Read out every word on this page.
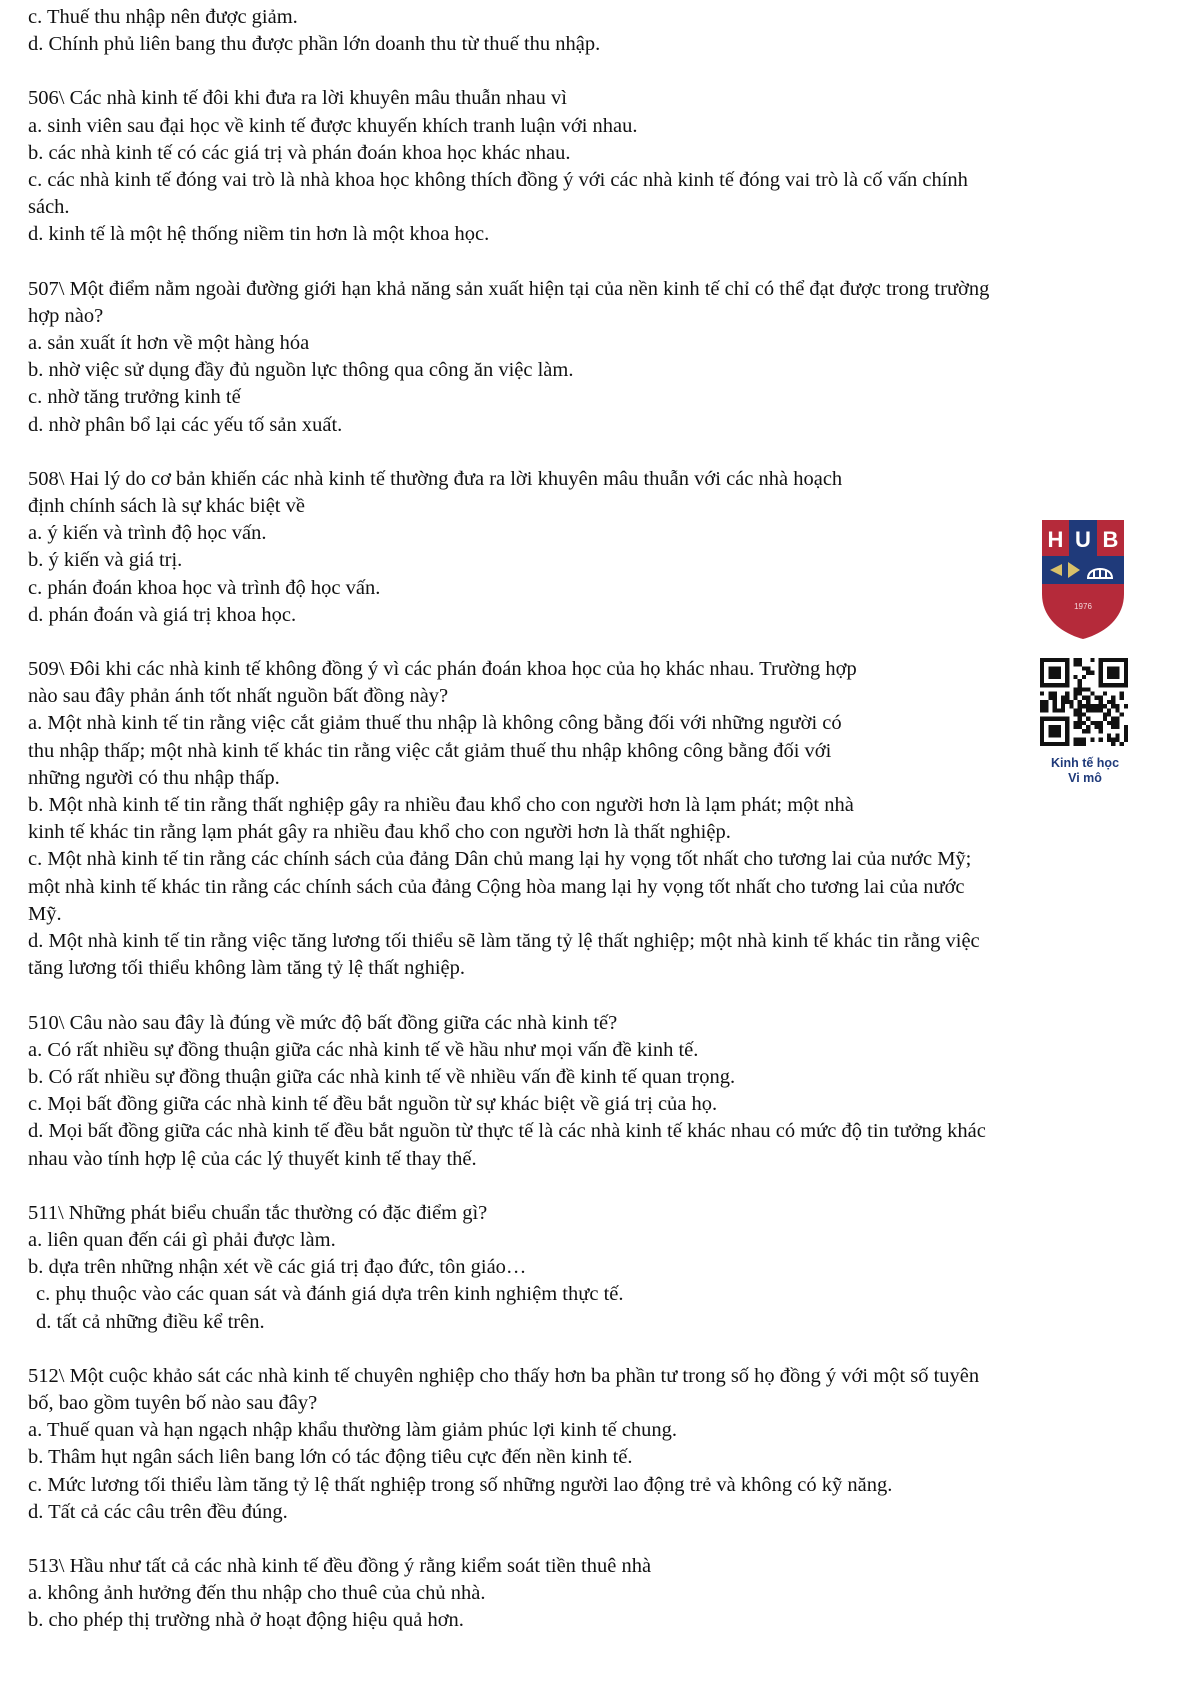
c. Thuế thu nhập nên được giảm.
d. Chính phủ liên bang thu được phần lớn doanh thu từ thuế thu nhập.
506\ Các nhà kinh tế đôi khi đưa ra lời khuyên mâu thuẫn nhau vì
a. sinh viên sau đại học về kinh tế được khuyến khích tranh luận với nhau.
b. các nhà kinh tế có các giá trị và phán đoán khoa học khác nhau.
c. các nhà kinh tế đóng vai trò là nhà khoa học không thích đồng ý với các nhà kinh tế đóng vai trò là cố vấn chính
sách.
d. kinh tế là một hệ thống niềm tin hơn là một khoa học.
507\ Một điểm nằm ngoài đường giới hạn khả năng sản xuất hiện tại của nền kinh tế chỉ có thể đạt được trong trường
hợp nào?
a. sản xuất ít hơn về một hàng hóa
b. nhờ việc sử dụng đầy đủ nguồn lực thông qua công ăn việc làm.
c. nhờ tăng trưởng kinh tế
d. nhờ phân bổ lại các yếu tố sản xuất.
508\ Hai lý do cơ bản khiến các nhà kinh tế thường đưa ra lời khuyên mâu thuẫn với các nhà hoạch
định chính sách là sự khác biệt về
a. ý kiến và trình độ học vấn.
b. ý kiến và giá trị.
c. phán đoán khoa học và trình độ học vấn.
d. phán đoán và giá trị khoa học.
509\ Đôi khi các nhà kinh tế không đồng ý vì các phán đoán khoa học của họ khác nhau. Trường hợp
nào sau đây phản ánh tốt nhất nguồn bất đồng này?
a. Một nhà kinh tế tin rằng việc cắt giảm thuế thu nhập là không công bằng đối với những người có
thu nhập thấp; một nhà kinh tế khác tin rằng việc cắt giảm thuế thu nhập không công bằng đối với
những người có thu nhập thấp.
b. Một nhà kinh tế tin rằng thất nghiệp gây ra nhiều đau khổ cho con người hơn là lạm phát; một nhà
kinh tế khác tin rằng lạm phát gây ra nhiều đau khổ cho con người hơn là thất nghiệp.
c. Một nhà kinh tế tin rằng các chính sách của đảng Dân chủ mang lại hy vọng tốt nhất cho tương lai của nước Mỹ;
một nhà kinh tế khác tin rằng các chính sách của đảng Cộng hòa mang lại hy vọng tốt nhất cho tương lai của nước
Mỹ.
d. Một nhà kinh tế tin rằng việc tăng lương tối thiểu sẽ làm tăng tỷ lệ thất nghiệp; một nhà kinh tế khác tin rằng việc
tăng lương tối thiểu không làm tăng tỷ lệ thất nghiệp.
510\ Câu nào sau đây là đúng về mức độ bất đồng giữa các nhà kinh tế?
a. Có rất nhiều sự đồng thuận giữa các nhà kinh tế về hầu như mọi vấn đề kinh tế.
b. Có rất nhiều sự đồng thuận giữa các nhà kinh tế về nhiều vấn đề kinh tế quan trọng.
c. Mọi bất đồng giữa các nhà kinh tế đều bắt nguồn từ sự khác biệt về giá trị của họ.
d. Mọi bất đồng giữa các nhà kinh tế đều bắt nguồn từ thực tế là các nhà kinh tế khác nhau có mức độ tin tưởng khác
nhau vào tính hợp lệ của các lý thuyết kinh tế thay thế.
511\ Những phát biểu chuẩn tắc thường có đặc điểm gì?
a. liên quan đến cái gì phải được làm.
b. dựa trên những nhận xét về các giá trị đạo đức, tôn giáo…
c. phụ thuộc vào các quan sát và đánh giá dựa trên kinh nghiệm thực tế.
d. tất cả những điều kể trên.
512\ Một cuộc khảo sát các nhà kinh tế chuyên nghiệp cho thấy hơn ba phần tư trong số họ đồng ý với một số tuyên
bố, bao gồm tuyên bố nào sau đây?
a. Thuế quan và hạn ngạch nhập khẩu thường làm giảm phúc lợi kinh tế chung.
b. Thâm hụt ngân sách liên bang lớn có tác động tiêu cực đến nền kinh tế.
c. Mức lương tối thiểu làm tăng tỷ lệ thất nghiệp trong số những người lao động trẻ và không có kỹ năng.
d. Tất cả các câu trên đều đúng.
513\ Hầu như tất cả các nhà kinh tế đều đồng ý rằng kiểm soát tiền thuê nhà
a. không ảnh hưởng đến thu nhập cho thuê của chủ nhà.
b. cho phép thị trường nhà ở hoạt động hiệu quả hơn.
H U B
1976
Kinh tế học
Vi mô
